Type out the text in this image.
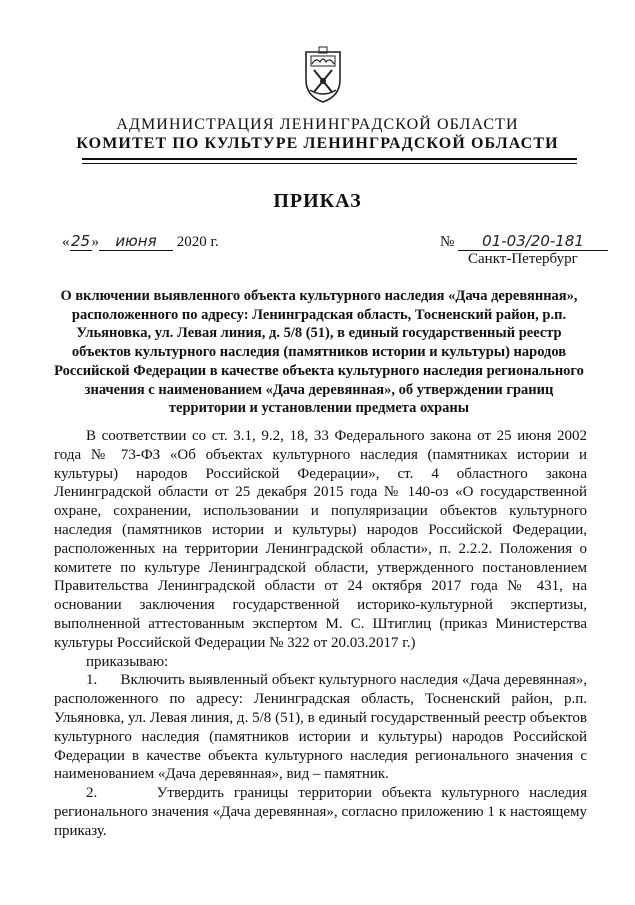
АДМИНИСТРАЦИЯ ЛЕНИНГРАДСКОЙ ОБЛАСТИ
КОМИТЕТ ПО КУЛЬТУРЕ ЛЕНИНГРАДСКОЙ ОБЛАСТИ
ПРИКАЗ
«25» июня 2020 г.	№ 01-03/20-181
Санкт-Петербург
О включении выявленного объекта культурного наследия «Дача деревянная», расположенного по адресу: Ленинградская область, Тосненский район, р.п. Ульяновка, ул. Левая линия, д. 5/8 (51), в единый государственный реестр объектов культурного наследия (памятников истории и культуры) народов Российской Федерации в качестве объекта культурного наследия регионального значения с наименованием «Дача деревянная», об утверждении границ территории и установлении предмета охраны

В соответствии со ст. 3.1, 9.2, 18, 33 Федерального закона от 25 июня 2002 года № 73-ФЗ «Об объектах культурного наследия (памятниках истории и культуры) народов Российской Федерации», ст. 4 областного закона Ленинградской области от 25 декабря 2015 года № 140-оз «О государственной охране, сохранении, использовании и популяризации объектов культурного наследия (памятников истории и культуры) народов Российской Федерации, расположенных на территории Ленинградской области», п. 2.2.2. Положения о комитете по культуре Ленинградской области, утвержденного постановлением Правительства Ленинградской области от 24 октября 2017 года № 431, на основании заключения государственной историко-культурной экспертизы, выполненной аттестованным экспертом М. С. Штиглиц (приказ Министерства культуры Российской Федерации № 322 от 20.03.2017 г.)

приказываю:

1. Включить выявленный объект культурного наследия «Дача деревянная», расположенного по адресу: Ленинградская область, Тосненский район, р.п. Ульяновка, ул. Левая линия, д. 5/8 (51), в единый государственный реестр объектов культурного наследия (памятников истории и культуры) народов Российской Федерации в качестве объекта культурного наследия регионального значения с наименованием «Дача деревянная», вид – памятник.

2.	Утвердить границы территории объекта культурного наследия регионального значения «Дача деревянная», согласно приложению 1 к настоящему приказу.
